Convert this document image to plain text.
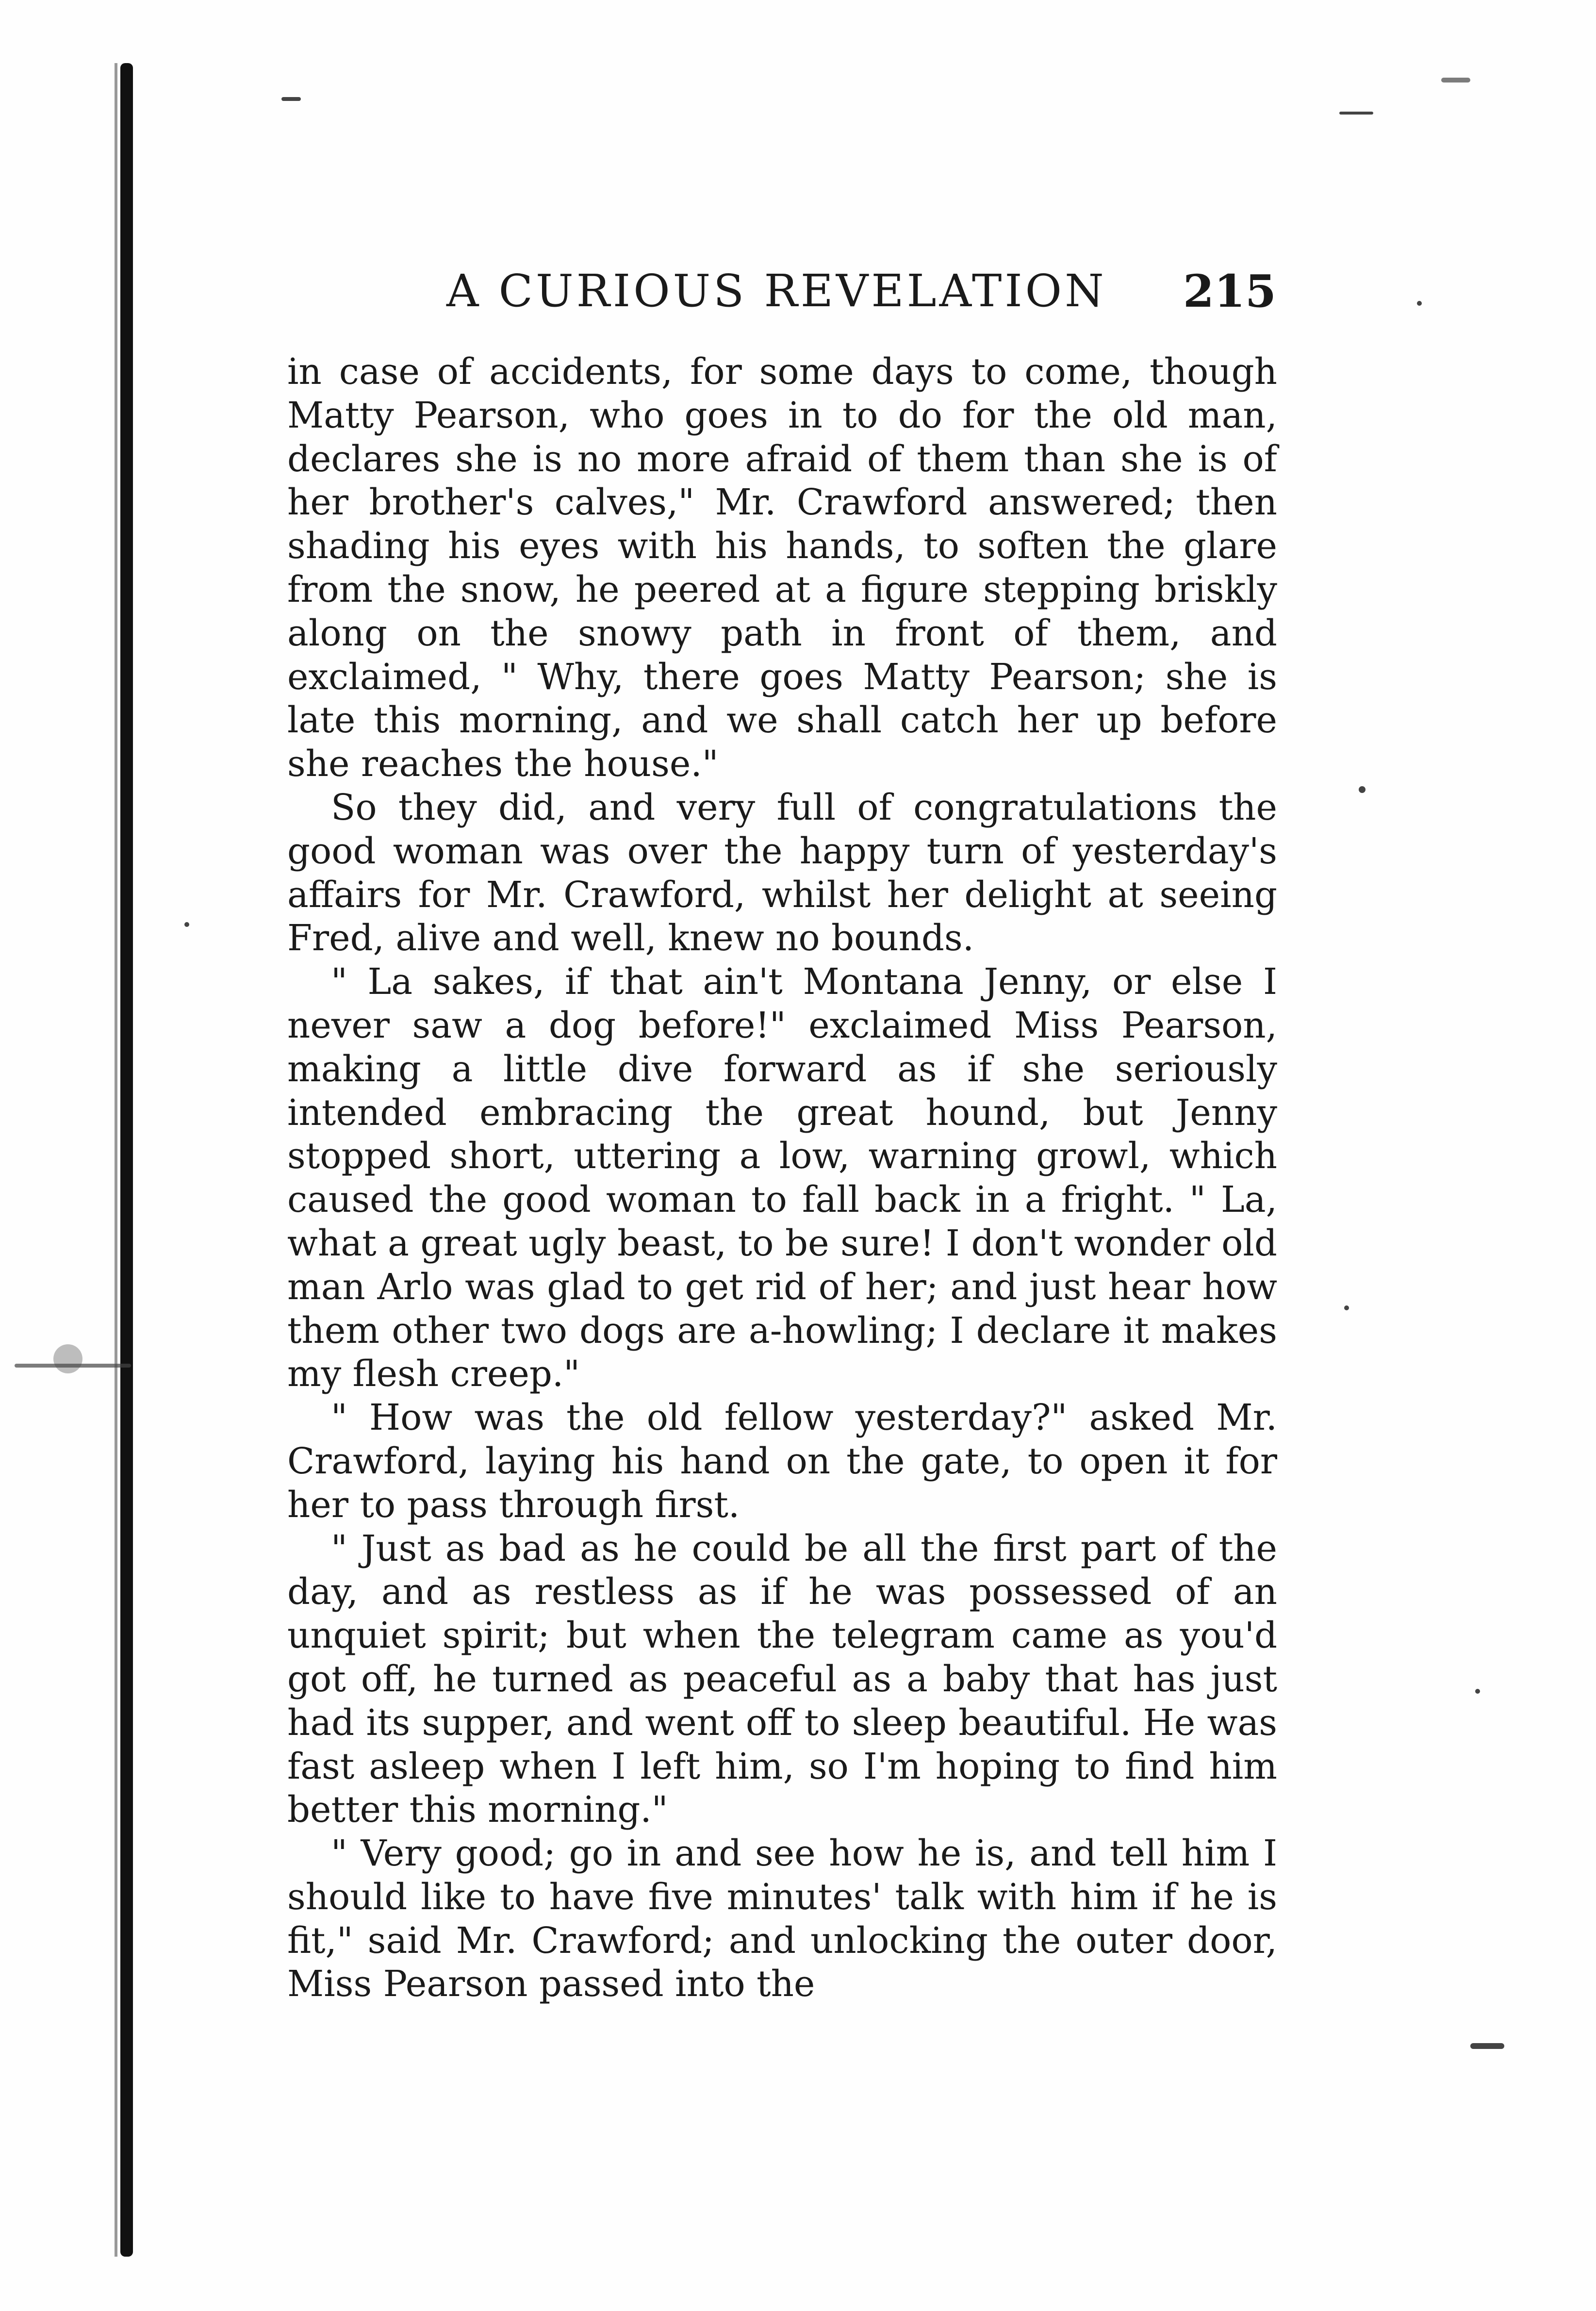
A CURIOUS REVELATION 215

in case of accidents, for some days to come, though Matty Pearson, who goes in to do for the old man, declares she is no more afraid of them than she is of her brother's calves," Mr. Crawford answered; then shading his eyes with his hands, to soften the glare from the snow, he peered at a figure stepping briskly along on the snowy path in front of them, and exclaimed, " Why, there goes Matty Pearson; she is late this morning, and we shall catch her up before she reaches the house."

So they did, and very full of congratulations the good woman was over the happy turn of yesterday's affairs for Mr. Crawford, whilst her delight at seeing Fred, alive and well, knew no bounds.

" La sakes, if that ain't Montana Jenny, or else I never saw a dog before!" exclaimed Miss Pearson, making a little dive forward as if she seriously intended embracing the great hound, but Jenny stopped short, uttering a low, warning growl, which caused the good woman to fall back in a fright. " La, what a great ugly beast, to be sure! I don't wonder old man Arlo was glad to get rid of her; and just hear how them other two dogs are a-howling; I declare it makes my flesh creep."

" How was the old fellow yesterday?" asked Mr. Crawford, laying his hand on the gate, to open it for her to pass through first.

" Just as bad as he could be all the first part of the day, and as restless as if he was possessed of an unquiet spirit; but when the telegram came as you'd got off, he turned as peaceful as a baby that has just had its supper, and went off to sleep beautiful. He was fast asleep when I left him, so I'm hoping to find him better this morning."

" Very good; go in and see how he is, and tell him I should like to have five minutes' talk with him if he is fit," said Mr. Crawford; and unlocking the outer door, Miss Pearson passed into the
